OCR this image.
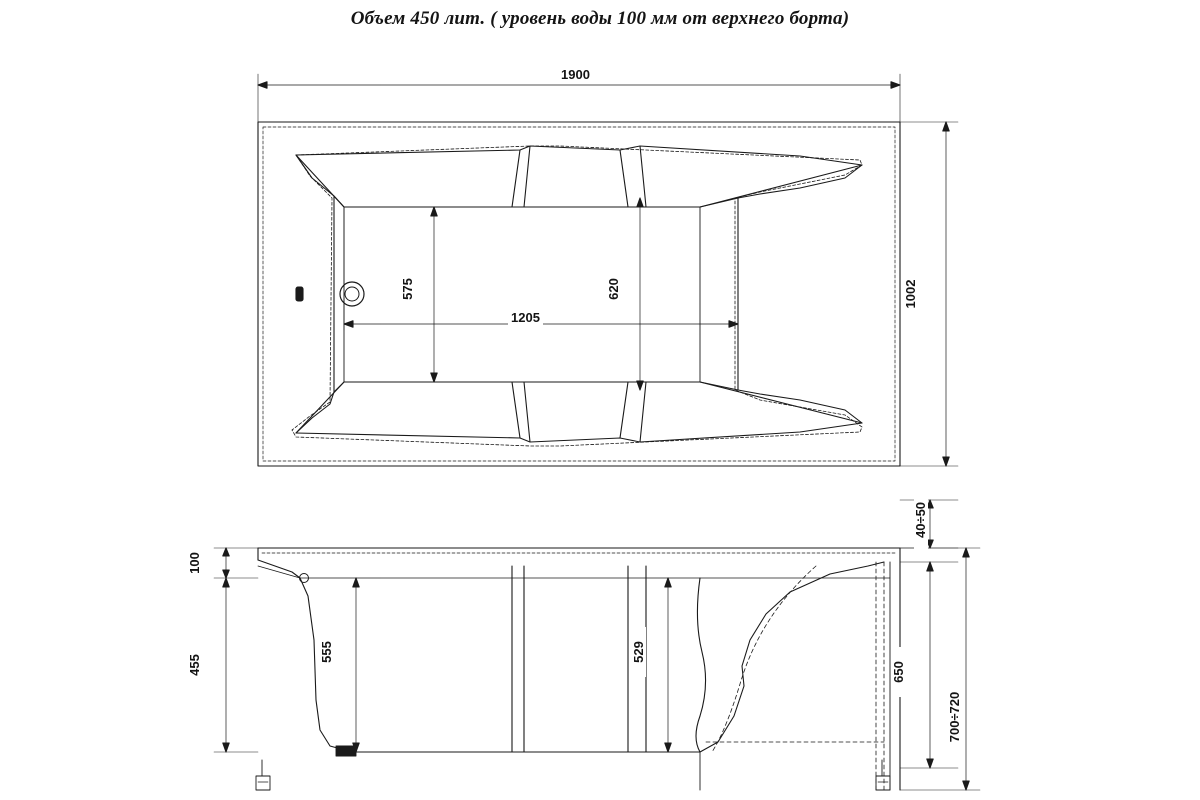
Объем 450 лит. ( уровень воды 100 мм от верхнего борта)
1900
1002
1205
575	620
40÷50
100
455
555	529
650
700÷720
